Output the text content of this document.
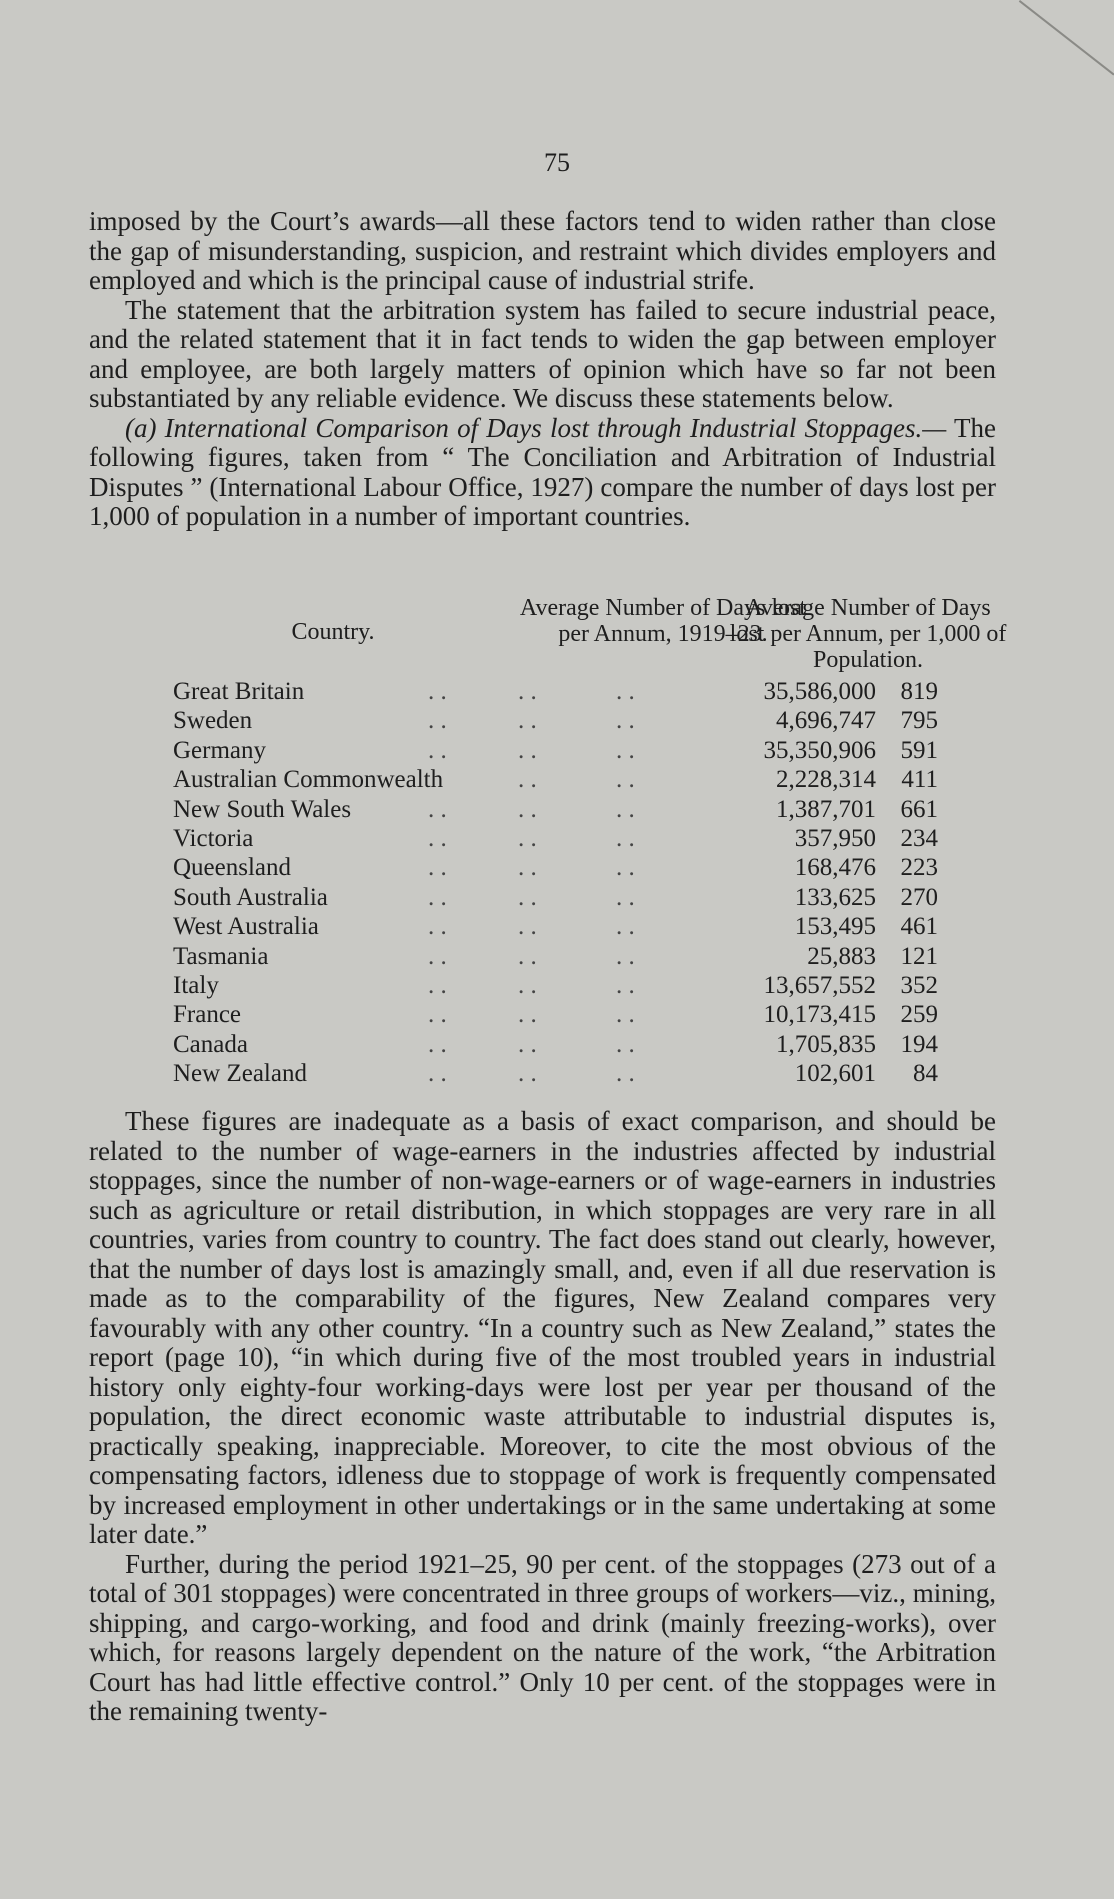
75

imposed by the Court’s awards—all these factors tend to widen rather than close the gap of misunderstanding, suspicion, and restraint which divides employers and employed and which is the principal cause of industrial strife.

The statement that the arbitration system has failed to secure industrial peace, and the related statement that it in fact tends to widen the gap between employer and employee, are both largely matters of opinion which have so far not been substantiated by any reliable evidence. We discuss these statements below.

(a) International Comparison of Days lost through Industrial Stoppages.— The following figures, taken from “ The Conciliation and Arbitration of Industrial Disputes ” (International Labour Office, 1927) compare the number of days lost per 1,000 of population in a number of important countries.

Country.
Average Number of Days lost per Annum, 1919–23.
Average Number of Days lost per Annum, per 1,000 of Population.
Great Britain	. .	. .	. .	35,586,000 819
Sweden	. .	. .	. .	4,696,747 795
Germany	. .	. .	. .	35,350,906 591
Australian Commonwealth	. .	. .	2,228,314	411
New South Wales	. .	. .	. .	1,387,701 661
Victoria	. .	. .	. .	357,950 234
Queensland	. .	. .	. .	168,476 223
South Australia	. .	. .	. .	133,625 270
West Australia	. .	. .	. .	153,495 461
Tasmania	. .	. .	. .	25,883 121
Italy	. .	. .	. .	13,657,552 352
France	. .	. .	. .	10,173,415 259
Canada	. .	. .	. .	1,705,835 194
New Zealand	. .	. .	. .	102,601	84

These figures are inadequate as a basis of exact comparison, and should be related to the number of wage-earners in the industries affected by industrial stoppages, since the number of non-wage-earners or of wage-earners in industries such as agriculture or retail distribution, in which stoppages are very rare in all countries, varies from country to country. The fact does stand out clearly, however, that the number of days lost is amazingly small, and, even if all due reservation is made as to the comparability of the figures, New Zealand compares very favourably with any other country. “In a country such as New Zealand,” states the report (page 10), “in which during five of the most troubled years in industrial history only eighty-four working-days were lost per year per thousand of the population, the direct economic waste attributable to industrial disputes is, practically speaking, inappreciable. Moreover, to cite the most obvious of the compensating factors, idleness due to stoppage of work is frequently compensated by increased employment in other undertakings or in the same undertaking at some later date.”

Further, during the period 1921–25, 90 per cent. of the stoppages (273 out of a total of 301 stoppages) were concentrated in three groups of workers—viz., mining, shipping, and cargo-working, and food and drink (mainly freezing-works), over which, for reasons largely dependent on the nature of the work, “the Arbitration Court has had little effective control.” Only 10 per cent. of the stoppages were in the remaining twenty-
